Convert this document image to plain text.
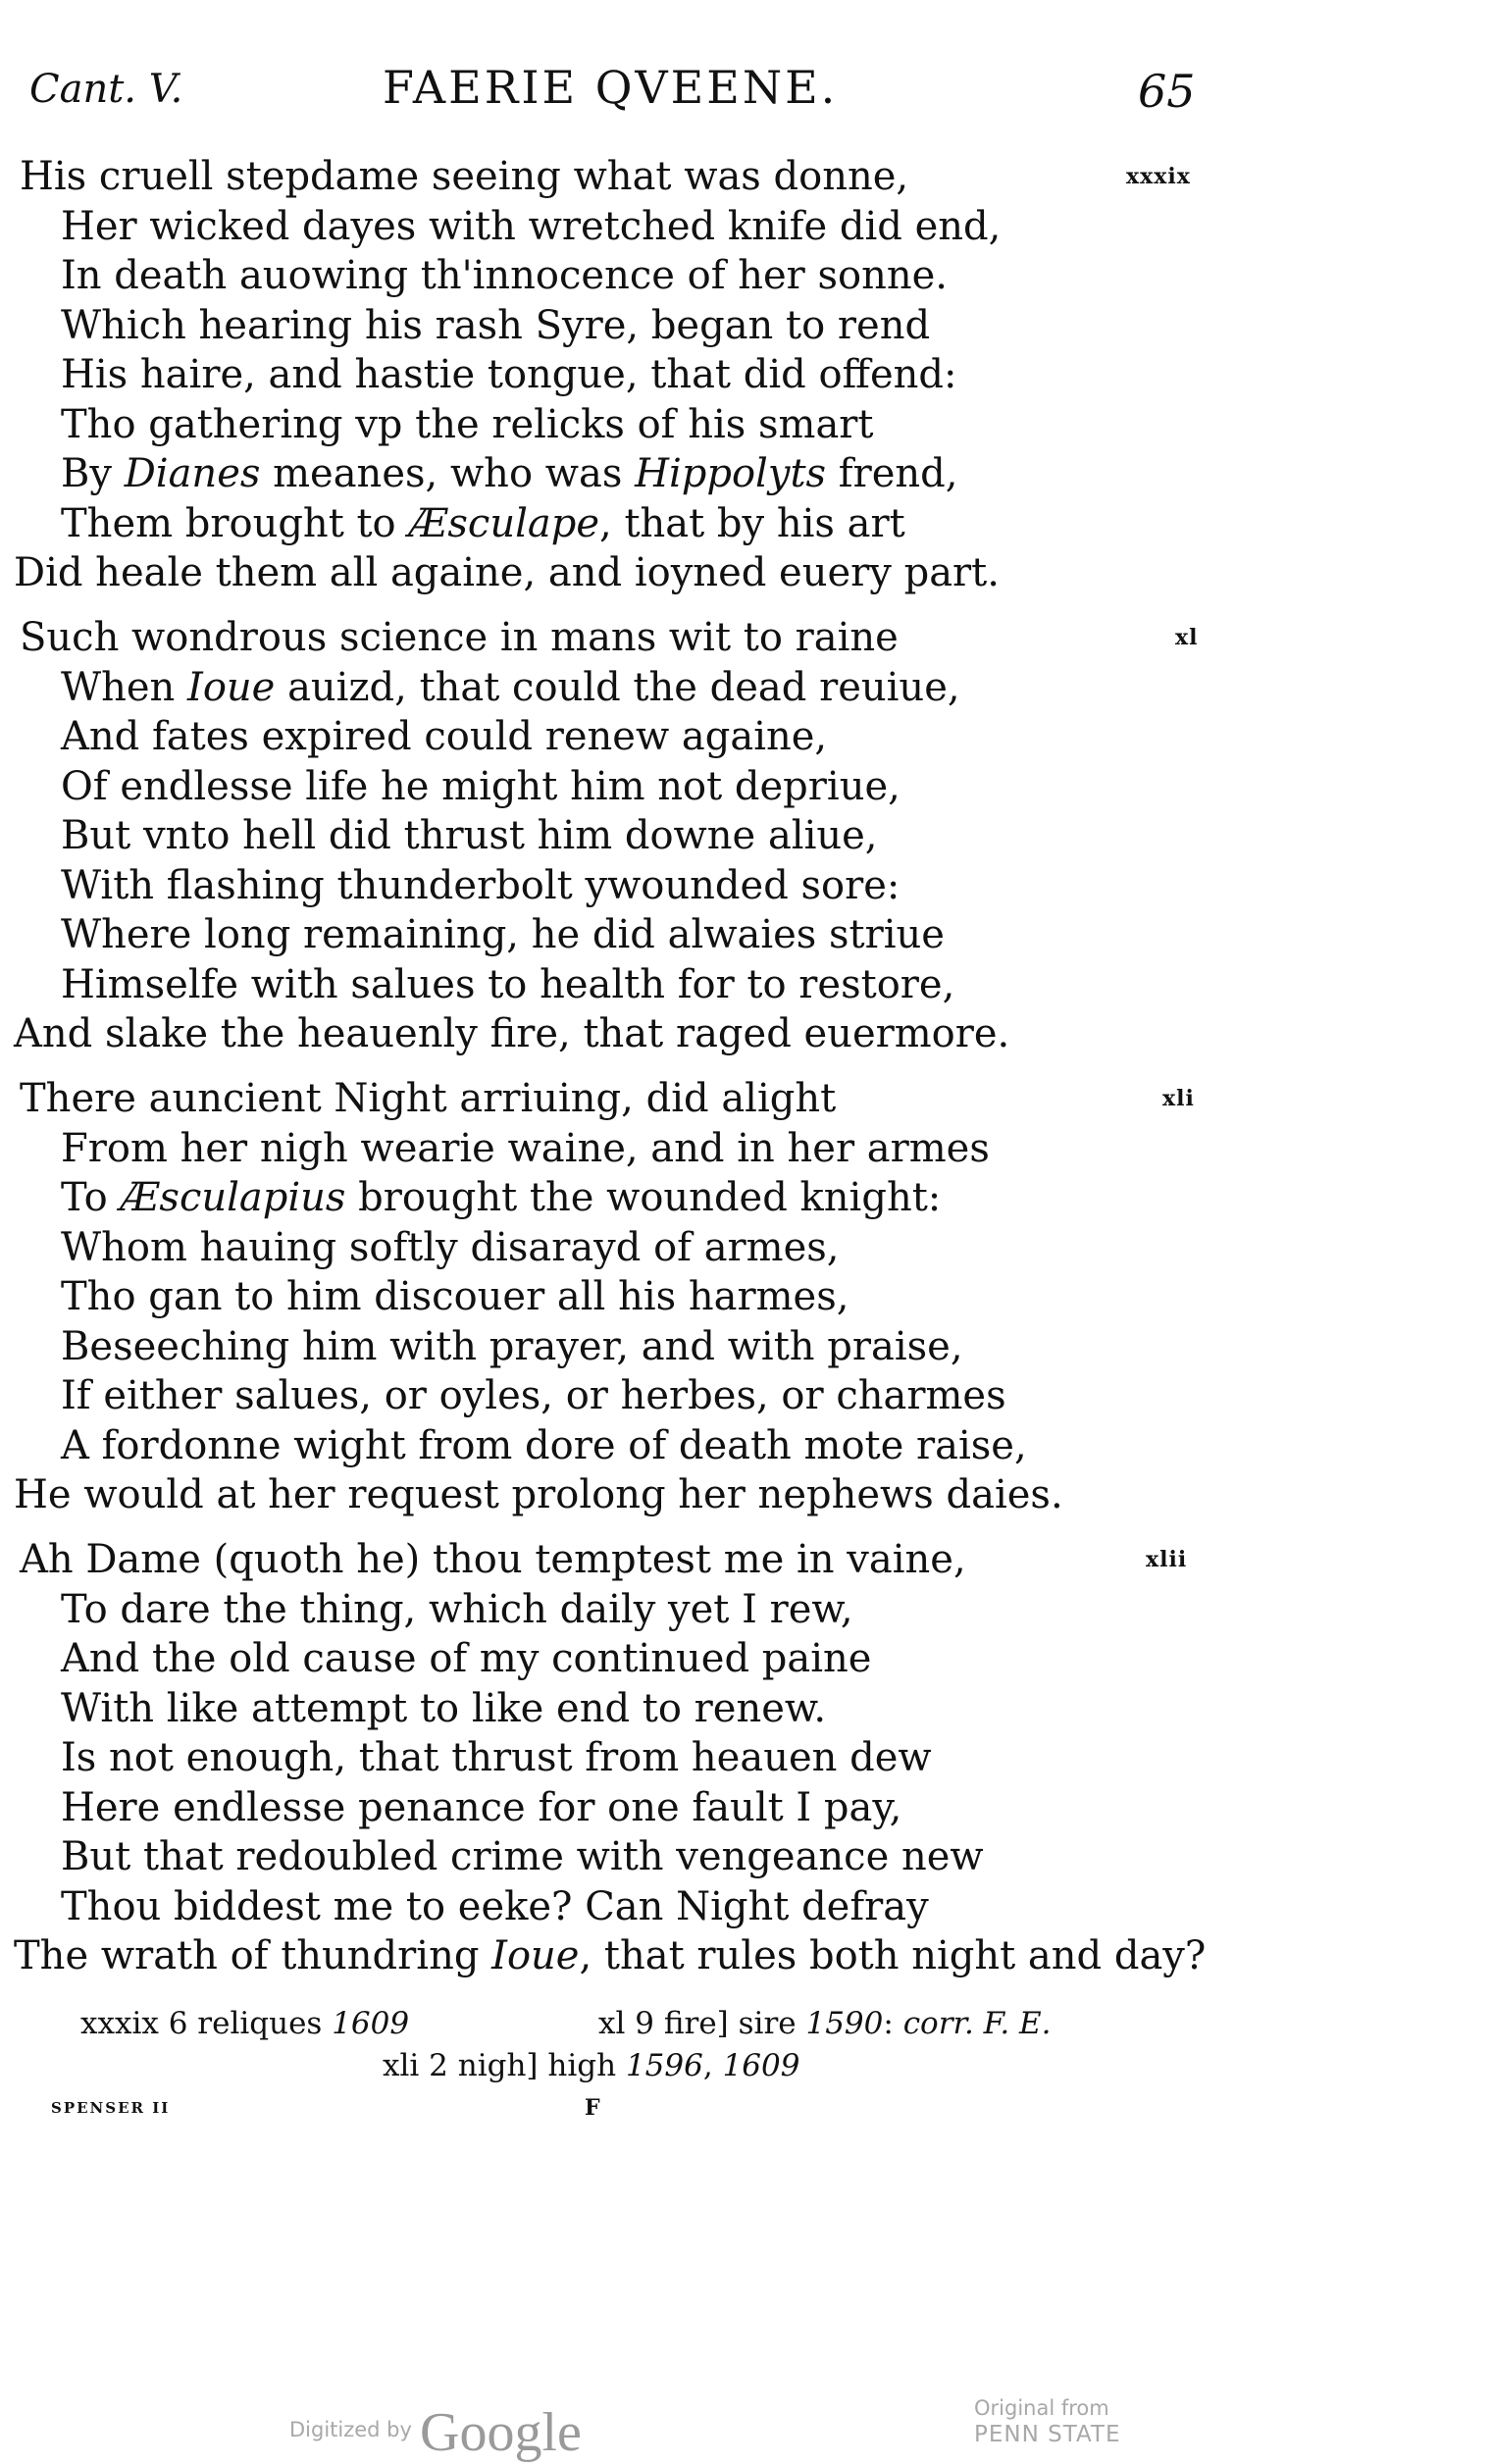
Cant. V.	FAERIE QVEENE.	65
His cruell stepdame seeing what was donne,
Her wicked dayes with wretched knife did end,
In death auowing th'innocence of her sonne.
Which hearing his rash Syre, began to rend
His haire, and hastie tongue, that did offend:
Tho gathering vp the relicks of his smart
By Dianes meanes, who was Hippolyts frend,
Them brought to Æsculape, that by his art
Did heale them all againe, and ioyned euery part.
xxxix
Such wondrous science in mans wit to raine
When Ioue auizd, that could the dead reuiue,
And fates expired could renew againe,
Of endlesse life he might him not depriue,
But vnto hell did thrust him downe aliue,
With flashing thunderbolt ywounded sore:
Where long remaining, he did alwaies striue
Himselfe with salues to health for to restore,
And slake the heauenly fire, that raged euermore.
xl
There auncient Night arriuing, did alight
From her nigh wearie waine, and in her armes
To Æsculapius brought the wounded knight:
Whom hauing softly disarayd of armes,
Tho gan to him discouer all his harmes,
Beseeching him with prayer, and with praise,
If either salues, or oyles, or herbes, or charmes
A fordonne wight from dore of death mote raise,
He would at her request prolong her nephews daies.
xli
Ah Dame (quoth he) thou temptest me in vaine,
To dare the thing, which daily yet I rew,
And the old cause of my continued paine
With like attempt to like end to renew.
Is not enough, that thrust from heauen dew
Here endlesse penance for one fault I pay,
But that redoubled crime with vengeance new
Thou biddest me to eeke? Can Night defray
The wrath of thundring Ioue, that rules both night and day?
xlii
xxxix 6 reliques 1609	xl 9 fire] sire 1590: corr. F. E.
xli 2 nigh] high 1596, 1609
SPENSER II	F
Digitized by Google	Original from
PENN STATE
